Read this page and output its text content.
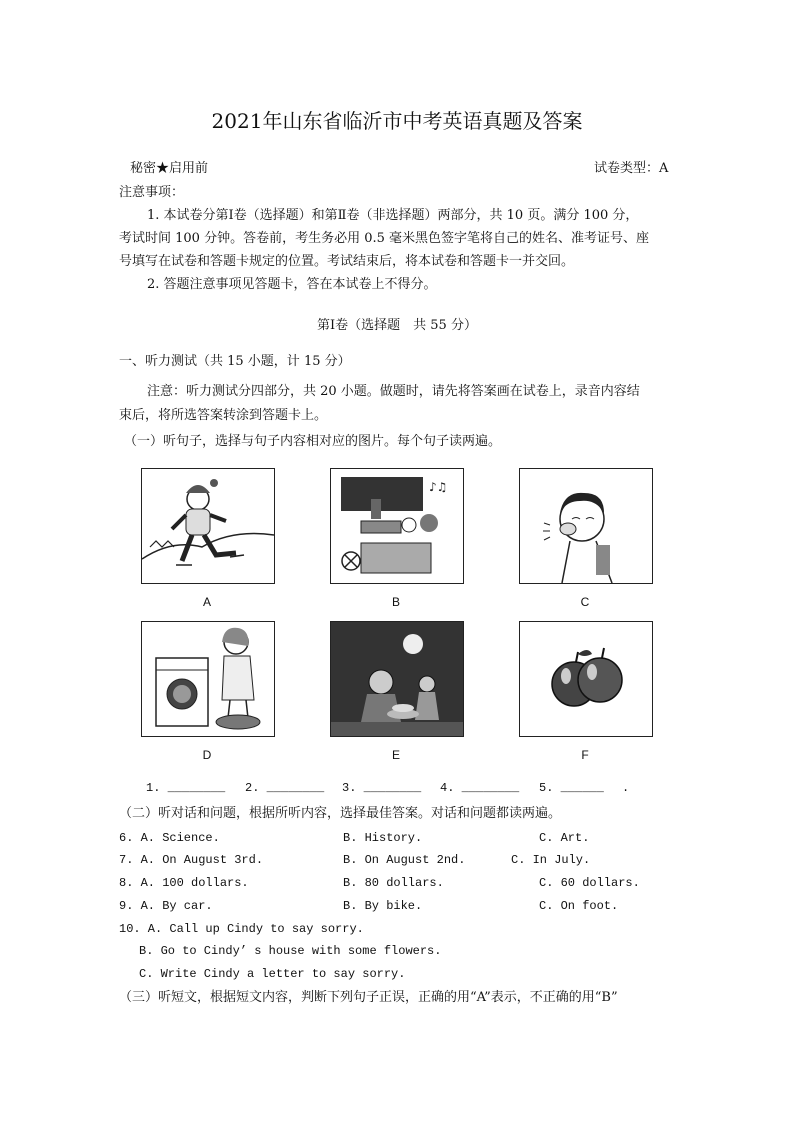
2021年山东省临沂市中考英语真题及答案
秘密★启用前	试卷类型：A
注意事项：
1. 本试卷分第Ⅰ卷（选择题）和第Ⅱ卷（非选择题）两部分，共 10 页。满分 100 分，
考试时间 100 分钟。答卷前，考生务必用 0.5 毫米黑色签字笔将自己的姓名、准考证号、座
号填写在试卷和答题卡规定的位置。考试结束后，将本试卷和答题卡一并交回。
2. 答题注意事项见答题卡，答在本试卷上不得分。
第Ⅰ卷（选择题　共 55 分）
一、听力测试（共 15 小题，计 15 分）
注意：听力测试分四部分，共 20 小题。做题时，请先将答案画在试卷上，录音内容结
束后，将所选答案转涂到答题卡上。
（一）听句子，选择与句子内容相对应的图片。每个句子读两遍。
A
♪♫
B	C
D	E	F
1. ________ 2. ________ 3. ________ 4. ________ 5. ______ .
（二）听对话和问题，根据所听内容，选择最佳答案。对话和问题都读两遍。
6. A. Science.	B. History.	C. Art.
7. A. On August 3rd.	B. On August 2nd.	C. In July.
8. A. 100 dollars.	B. 80 dollars.	C. 60 dollars.
9. A. By car.	B. By bike.	C. On foot.
10. A. Call up Cindy to say sorry.
B. Go to Cindy’ s house with some flowers.
C. Write Cindy a letter to say sorry.
（三）听短文，根据短文内容，判断下列句子正误，正确的用“A”表示，不正确的用“B”
